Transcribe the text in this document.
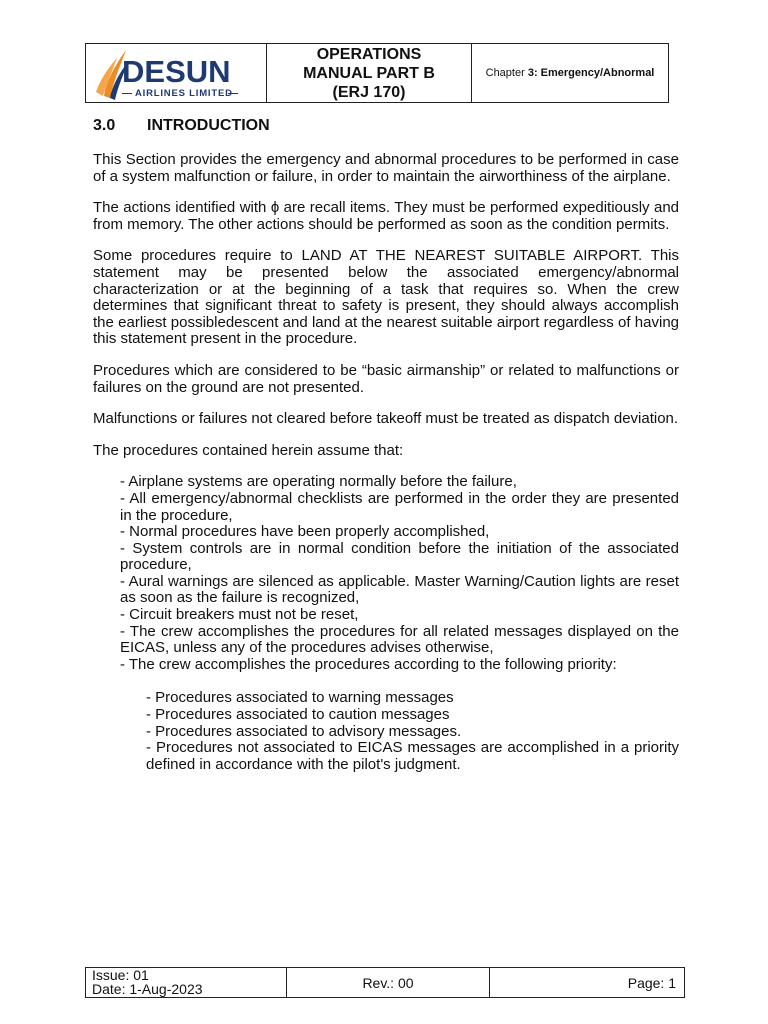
DESUN
AIRLINES LIMITED
OPERATIONS
MANUAL PART B
(ERJ 170)
Chapter 3: Emergency/Abnormal
3.0 INTRODUCTION

This Section provides the emergency and abnormal procedures to be performed in case of a system malfunction or failure, in order to maintain the airworthiness of the airplane.

The actions identified with ϕ are recall items. They must be performed expeditiously and from memory. The other actions should be performed as soon as the condition permits.

Some procedures require to LAND AT THE NEAREST SUITABLE AIRPORT. This statement may be presented below the associated emergency/abnormal characterization or at the beginning of a task that requires so. When the crew determines that significant threat to safety is present, they should always accomplish the earliest possibledescent and land at the nearest suitable airport regardless of having this statement present in the procedure.

Procedures which are considered to be “basic airmanship” or related to malfunctions or failures on the ground are not presented.

Malfunctions or failures not cleared before takeoff must be treated as dispatch deviation.

The procedures contained herein assume that:

- Airplane systems are operating normally before the failure,
- All emergency/abnormal checklists are performed in the order they are presented in the procedure,
- Normal procedures have been properly accomplished,
- System controls are in normal condition before the initiation of the associated procedure,
- Aural warnings are silenced as applicable. Master Warning/Caution lights are reset as soon as the failure is recognized,
- Circuit breakers must not be reset,
- The crew accomplishes the procedures for all related messages displayed on the EICAS, unless any of the procedures advises otherwise,
- The crew accomplishes the procedures according to the following priority:
- Procedures associated to warning messages
- Procedures associated to caution messages
- Procedures associated to advisory messages.
- Procedures not associated to EICAS messages are accomplished in a priority defined in accordance with the pilot's judgment.
Issue: 01
Date: 1-Aug-2023	Rev.: 00	Page: 1
